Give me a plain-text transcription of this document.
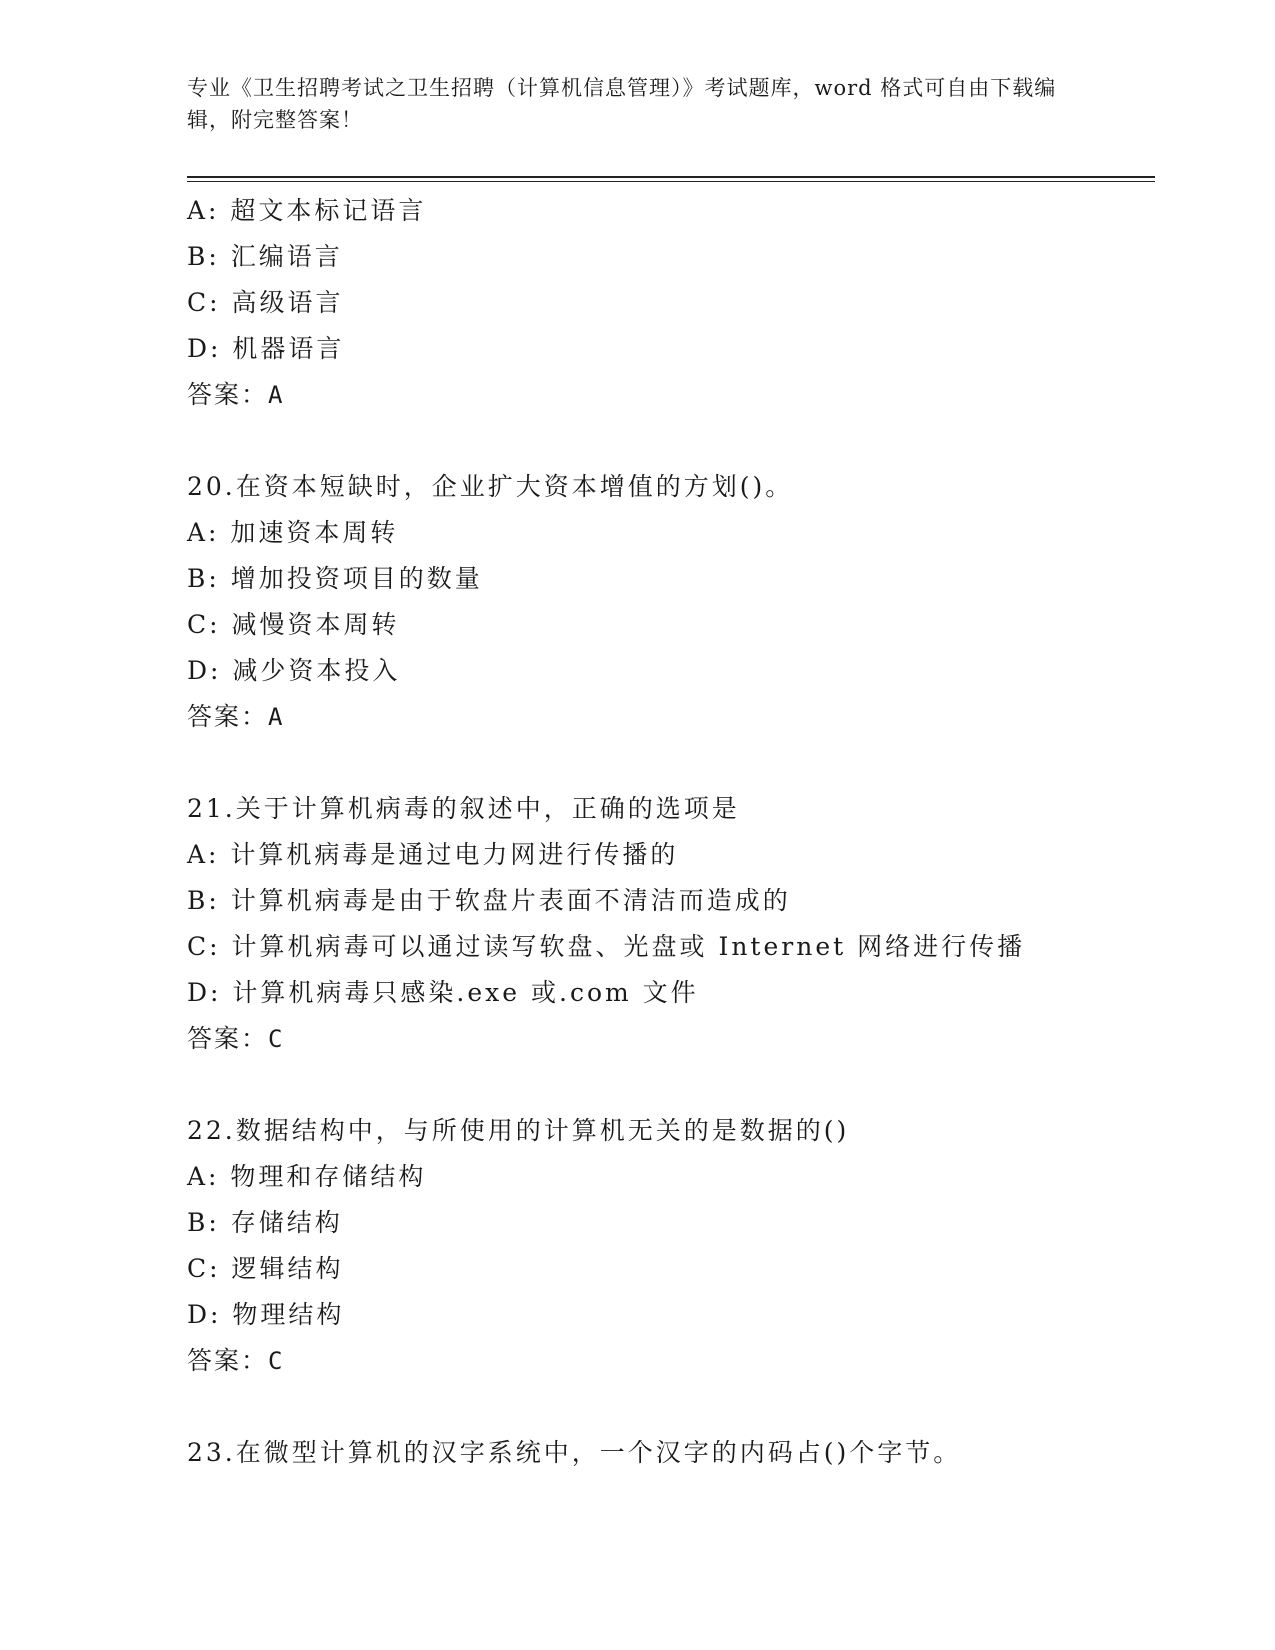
专业《卫生招聘考试之卫生招聘（计算机信息管理）》考试题库，word 格式可自由下载编辑，附完整答案！
A: 超文本标记语言
B: 汇编语言
C: 高级语言
D: 机器语言
答案：A
20.在资本短缺时，企业扩大资本增值的方划()。
A: 加速资本周转
B: 增加投资项目的数量
C: 减慢资本周转
D: 减少资本投入
答案：A
21.关于计算机病毒的叙述中，正确的选项是
A: 计算机病毒是通过电力网进行传播的
B: 计算机病毒是由于软盘片表面不清洁而造成的
C: 计算机病毒可以通过读写软盘、光盘或 Internet 网络进行传播
D: 计算机病毒只感染.exe 或.com 文件
答案：C
22.数据结构中，与所使用的计算机无关的是数据的()
A: 物理和存储结构
B: 存储结构
C: 逻辑结构
D: 物理结构
答案：C
23.在微型计算机的汉字系统中，一个汉字的内码占()个字节。
